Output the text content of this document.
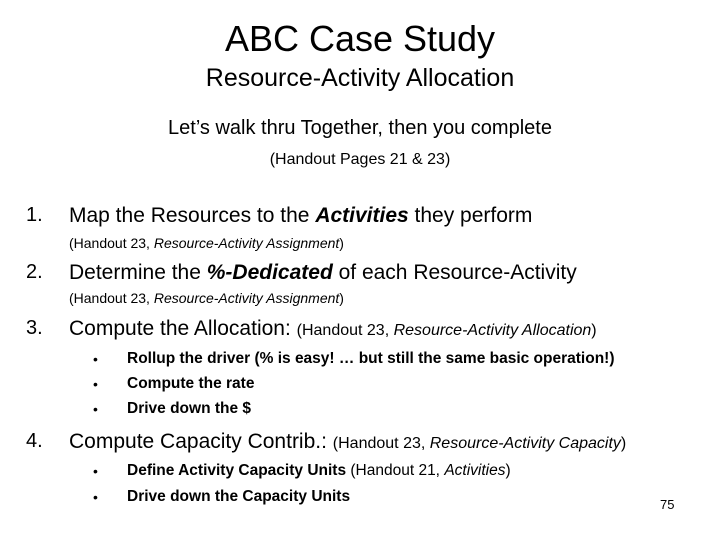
ABC Case Study
Resource-Activity Allocation
Let’s walk thru Together, then you complete
(Handout Pages 21 & 23)
1. Map the Resources to the Activities they perform
(Handout 23, Resource-Activity Assignment)
2. Determine the %-Dedicated of each Resource-Activity
(Handout 23, Resource-Activity Assignment)
3. Compute the Allocation: (Handout 23, Resource-Activity Allocation)
• Rollup the driver (% is easy! … but still the same basic operation!)
• Compute the rate
• Drive down the $
4. Compute Capacity Contrib.: (Handout 23, Resource-Activity Capacity)
• Define Activity Capacity Units (Handout 21, Activities)
• Drive down the Capacity Units	75
